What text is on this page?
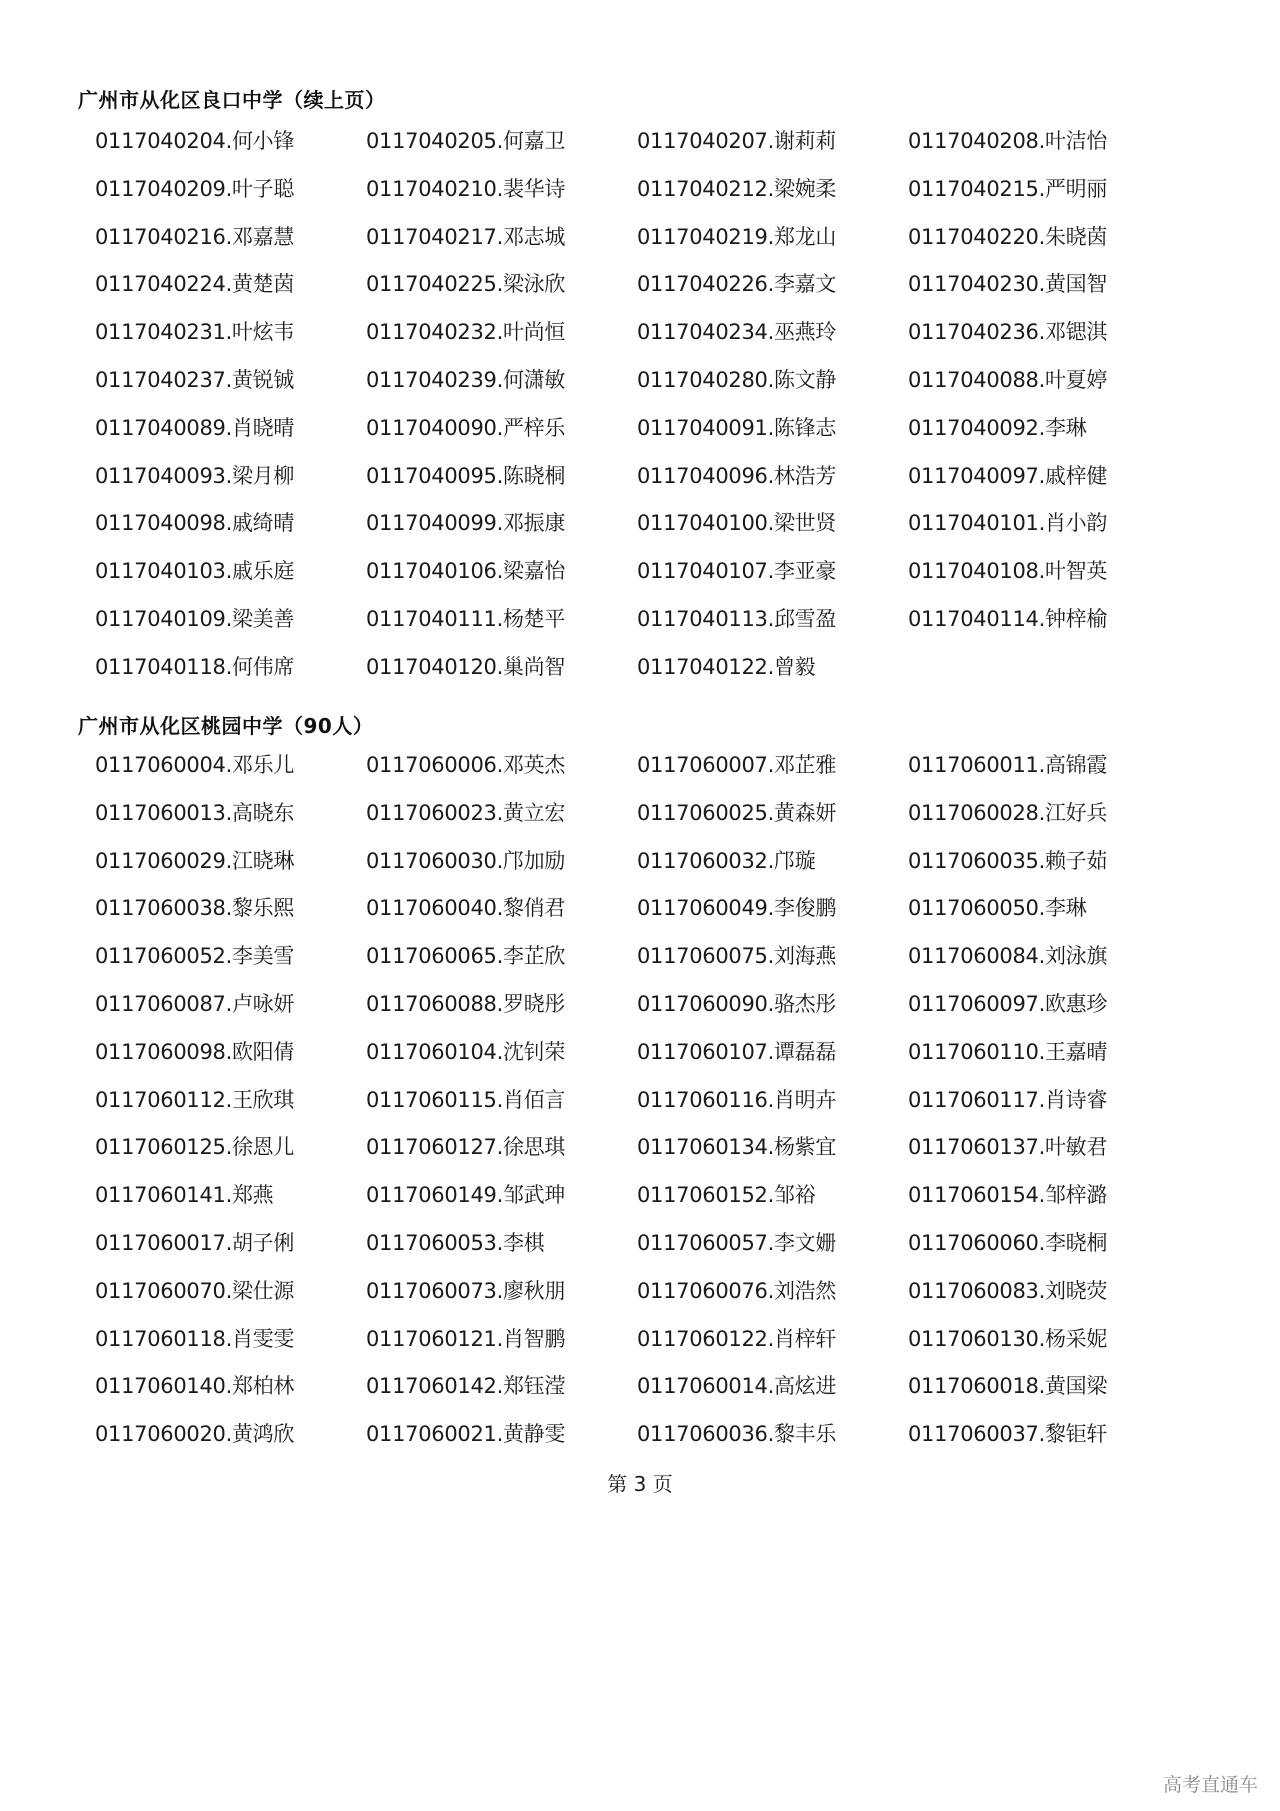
广州市从化区良口中学（续上页）
0117040204.何小锋	0117040205.何嘉卫	0117040207.谢莉莉	0117040208.叶洁怡
0117040209.叶子聪	0117040210.裴华诗	0117040212.梁婉柔	0117040215.严明丽
0117040216.邓嘉慧	0117040217.邓志城	0117040219.郑龙山	0117040220.朱晓茵
0117040224.黄楚茵	0117040225.梁泳欣	0117040226.李嘉文	0117040230.黄国智
0117040231.叶炫韦	0117040232.叶尚恒	0117040234.巫燕玲	0117040236.邓锶淇
0117040237.黄锐铖	0117040239.何潇敏	0117040280.陈文静	0117040088.叶夏婷
0117040089.肖晓晴	0117040090.严梓乐	0117040091.陈锋志	0117040092.李琳
0117040093.梁月柳	0117040095.陈晓桐	0117040096.林浩芳	0117040097.戚梓健
0117040098.戚绮晴	0117040099.邓振康	0117040100.梁世贤	0117040101.肖小韵
0117040103.戚乐庭	0117040106.梁嘉怡	0117040107.李亚豪	0117040108.叶智英
0117040109.梁美善	0117040111.杨楚平	0117040113.邱雪盈	0117040114.钟梓榆
0117040118.何伟席	0117040120.巢尚智	0117040122.曾毅
广州市从化区桃园中学（90人）
0117060004.邓乐儿	0117060006.邓英杰	0117060007.邓芷雅	0117060011.高锦霞
0117060013.高晓东	0117060023.黄立宏	0117060025.黄森妍	0117060028.江好兵
0117060029.江晓琳	0117060030.邝加励	0117060032.邝璇	0117060035.赖子茹
0117060038.黎乐熙	0117060040.黎俏君	0117060049.李俊鹏	0117060050.李琳
0117060052.李美雪	0117060065.李芷欣	0117060075.刘海燕	0117060084.刘泳旗
0117060087.卢咏妍	0117060088.罗晓彤	0117060090.骆杰彤	0117060097.欧惠珍
0117060098.欧阳倩	0117060104.沈钊荣	0117060107.谭磊磊	0117060110.王嘉晴
0117060112.王欣琪	0117060115.肖佰言	0117060116.肖明卉	0117060117.肖诗睿
0117060125.徐恩儿	0117060127.徐思琪	0117060134.杨紫宜	0117060137.叶敏君
0117060141.郑燕	0117060149.邹武珅	0117060152.邹裕	0117060154.邹梓潞
0117060017.胡子俐	0117060053.李棋	0117060057.李文姗	0117060060.李晓桐
0117060070.梁仕源	0117060073.廖秋朋	0117060076.刘浩然	0117060083.刘晓荧
0117060118.肖雯雯	0117060121.肖智鹏	0117060122.肖梓轩	0117060130.杨采妮
0117060140.郑柏林	0117060142.郑钰滢	0117060014.高炫进	0117060018.黄国梁
0117060020.黄鸿欣	0117060021.黄静雯	0117060036.黎丰乐	0117060037.黎钜轩
第 3 页
高考直通车
